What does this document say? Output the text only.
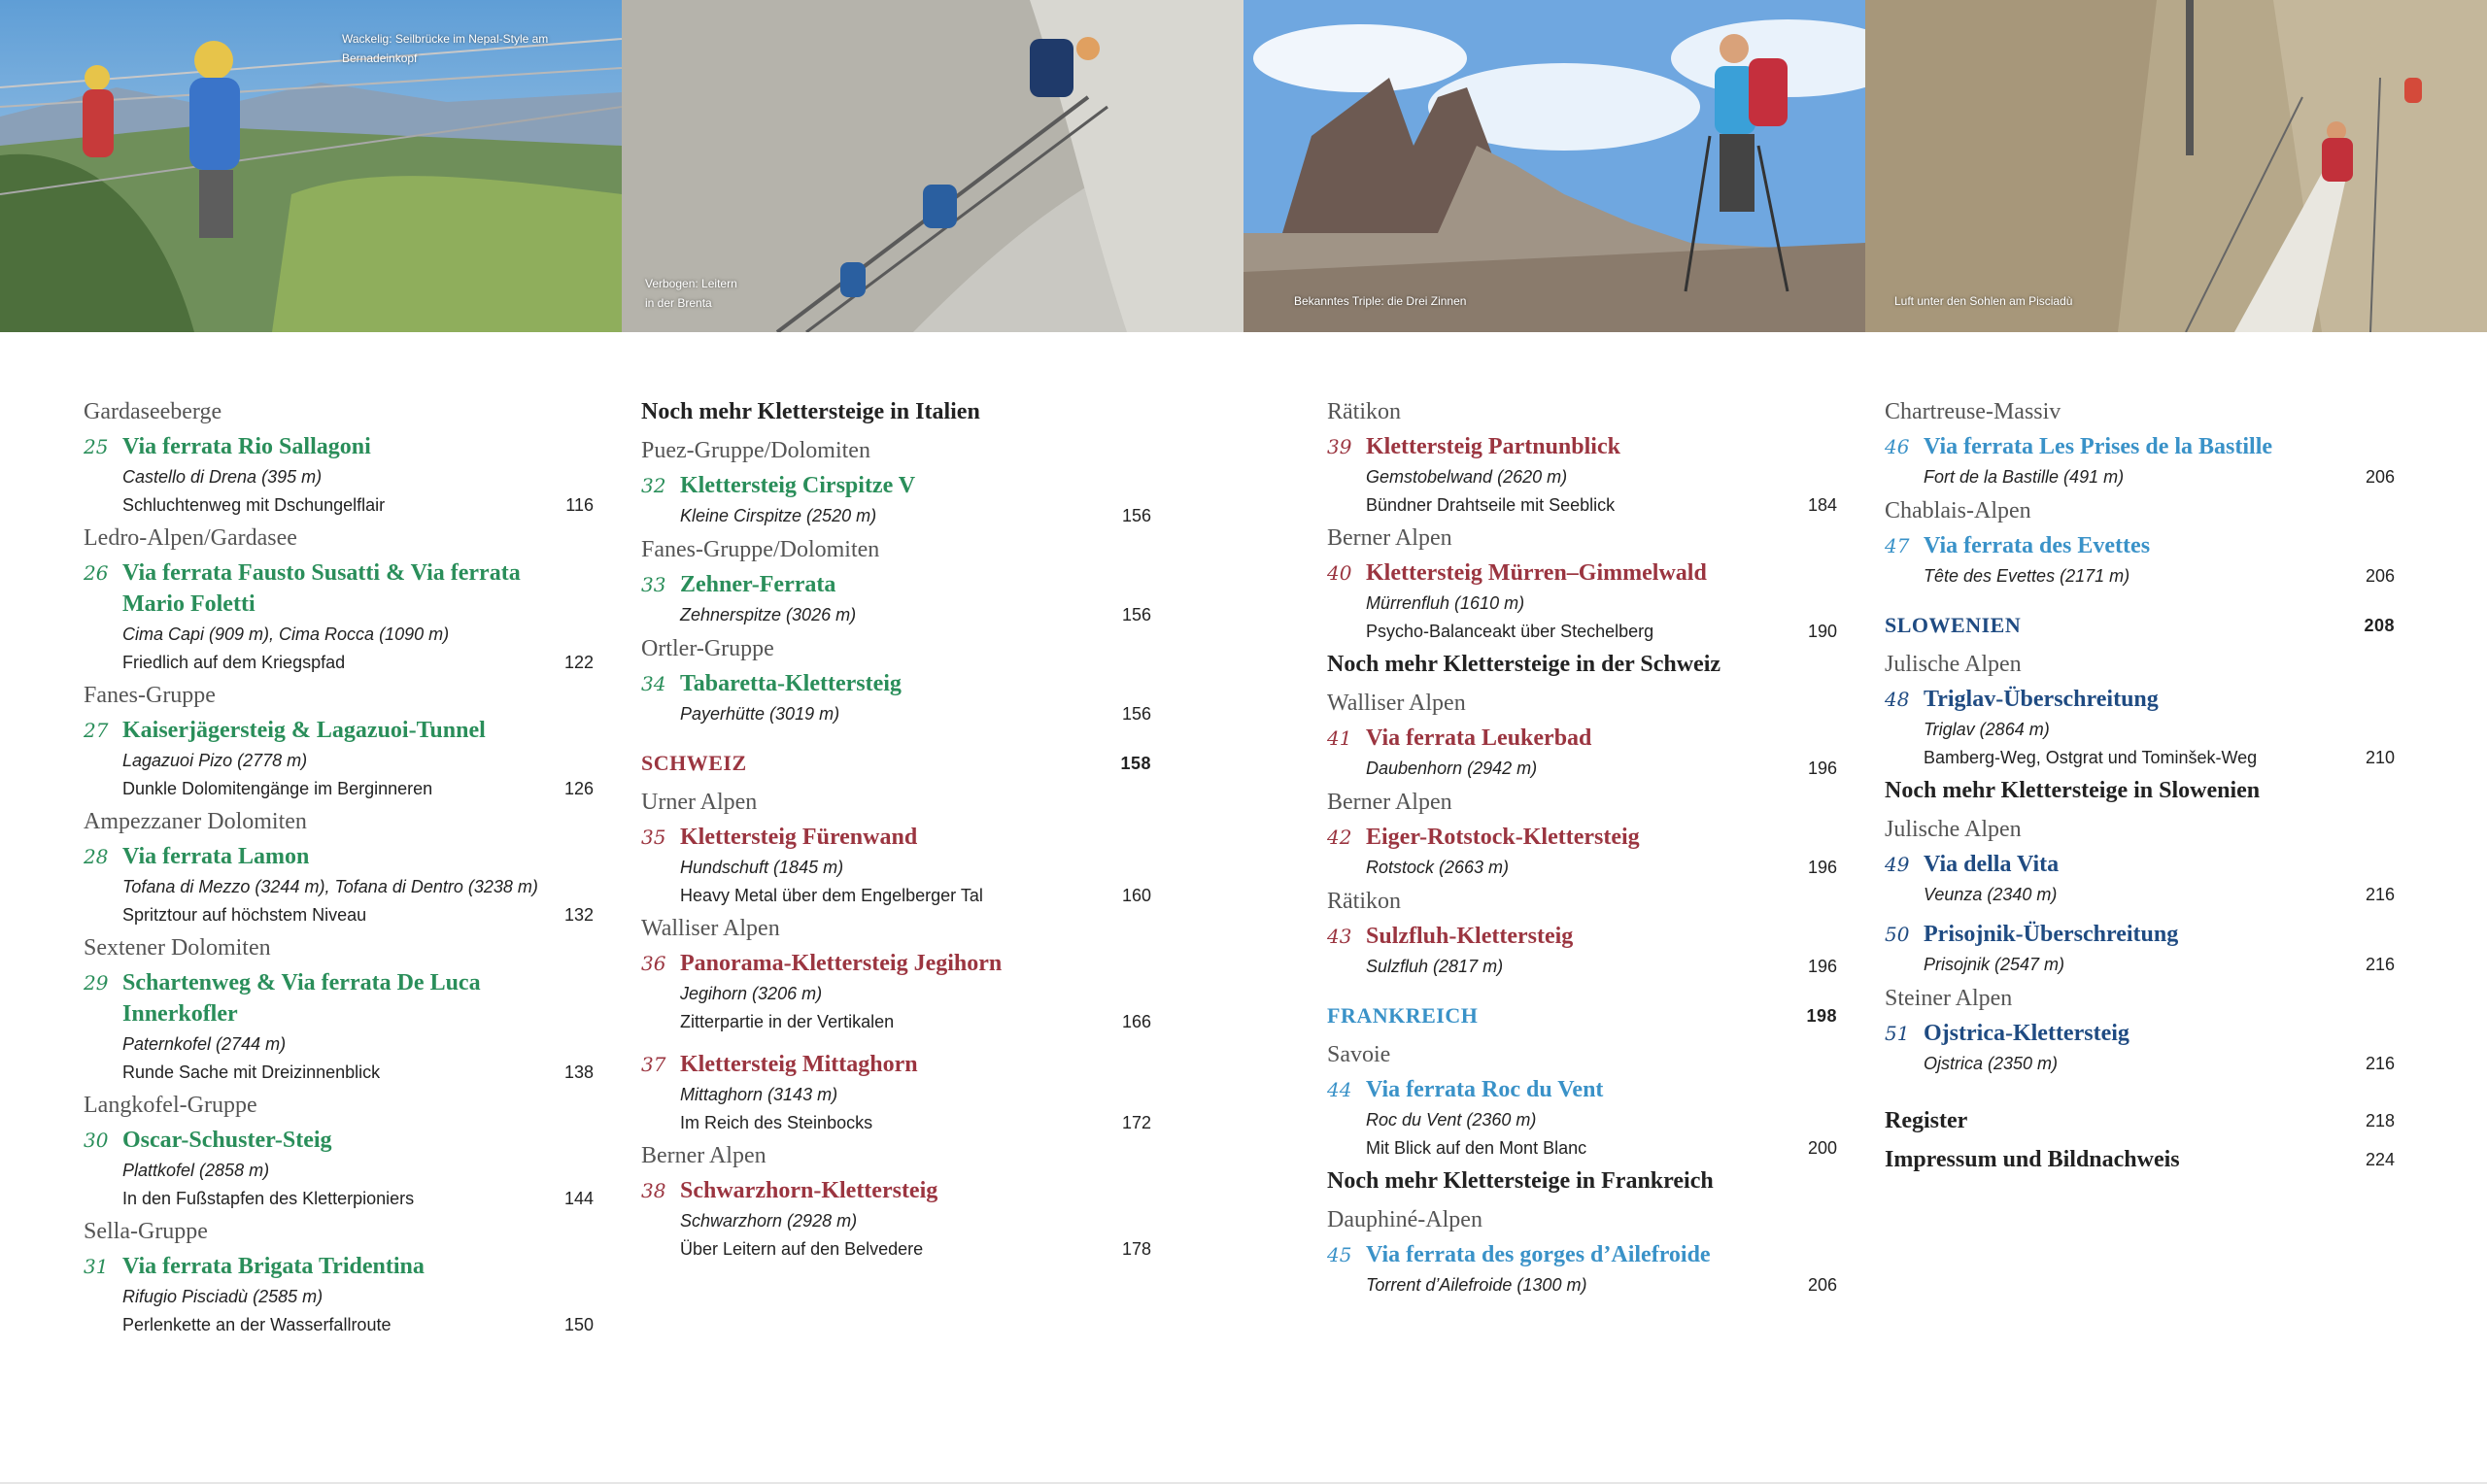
Wackelig: Seilbrücke im Nepal-Style am
Bernadeinkopf
Verbogen: Leitern
in der Brenta	Bekanntes Triple: die Drei Zinnen	Luft unter den Sohlen am Pisciadù
Gardaseeberge
25 Via ferrata Rio Sallagoni
Castello di Drena (395 m)
Schluchtenweg mit Dschungelflair	116
Ledro-Alpen/Gardasee
26 Via ferrata Fausto Susatti & Via ferrata
Mario Foletti
Cima Capi (909 m), Cima Rocca (1090 m)
Friedlich auf dem Kriegspfad	122
Fanes-Gruppe
27 Kaiserjägersteig & Lagazuoi-Tunnel
Lagazuoi Pizo (2778 m)
Dunkle Dolomitengänge im Berginneren	126
Ampezzaner Dolomiten
28 Via ferrata Lamon
Tofana di Mezzo (3244 m), Tofana di Dentro (3238 m)
Spritztour auf höchstem Niveau	132
Sextener Dolomiten
29 Schartenweg & Via ferrata De Luca
Innerkofler
Paternkofel (2744 m)
Runde Sache mit Dreizinnenblick	138
Langkofel-Gruppe
30 Oscar-Schuster-Steig
Plattkofel (2858 m)
In den Fußstapfen des Kletterpioniers	144
Sella-Gruppe
31 Via ferrata Brigata Tridentina
Rifugio Pisciadù (2585 m)
Perlenkette an der Wasserfallroute	150
Noch mehr Klettersteige in Italien
Puez-Gruppe/Dolomiten
32 Klettersteig Cirspitze V
Kleine Cirspitze (2520 m)	156
Fanes-Gruppe/Dolomiten
33 Zehner-Ferrata
Zehnerspitze (3026 m)	156
Ortler-Gruppe
34 Tabaretta-Klettersteig
Payerhütte (3019 m)	156
SCHWEIZ	158
Urner Alpen
35 Klettersteig Fürenwand
Hundschuft (1845 m)
Heavy Metal über dem Engelberger Tal	160
Walliser Alpen
36 Panorama-Klettersteig Jegihorn
Jegihorn (3206 m)
Zitterpartie in der Vertikalen	166
37 Klettersteig Mittaghorn
Mittaghorn (3143 m)
Im Reich des Steinbocks	172
Berner Alpen
38 Schwarzhorn-Klettersteig
Schwarzhorn (2928 m)
Über Leitern auf den Belvedere	178
Rätikon
39 Klettersteig Partnunblick
Gemstobelwand (2620 m)
Bündner Drahtseile mit Seeblick	184
Berner Alpen
40 Klettersteig Mürren–Gimmelwald
Mürrenfluh (1610 m)
Psycho-Balanceakt über Stechelberg	190
Noch mehr Klettersteige in der Schweiz
Walliser Alpen
41 Via ferrata Leukerbad
Daubenhorn (2942 m)	196
Berner Alpen
42 Eiger-Rotstock-Klettersteig
Rotstock (2663 m)	196
Rätikon
43 Sulzfluh-Klettersteig
Sulzfluh (2817 m)	196
FRANKREICH	198
Savoie
44 Via ferrata Roc du Vent
Roc du Vent (2360 m)
Mit Blick auf den Mont Blanc	200
Noch mehr Klettersteige in Frankreich
Dauphiné-Alpen
45 Via ferrata des gorges d’Ailefroide
Torrent d’Ailefroide (1300 m)	206
Chartreuse-Massiv
46 Via ferrata Les Prises de la Bastille
Fort de la Bastille (491 m)	206
Chablais-Alpen
47 Via ferrata des Evettes
Tête des Evettes (2171 m)	206
SLOWENIEN	208
Julische Alpen
48 Triglav-Überschreitung
Triglav (2864 m)
Bamberg-Weg, Ostgrat und Tominšek-Weg	210
Noch mehr Klettersteige in Slowenien
Julische Alpen
49 Via della Vita
Veunza (2340 m)	216
50 Prisojnik-Überschreitung
Prisojnik (2547 m)	216
Steiner Alpen
51 Ojstrica-Klettersteig
Ojstrica (2350 m)	216
Register	218
Impressum und Bildnachweis	224
